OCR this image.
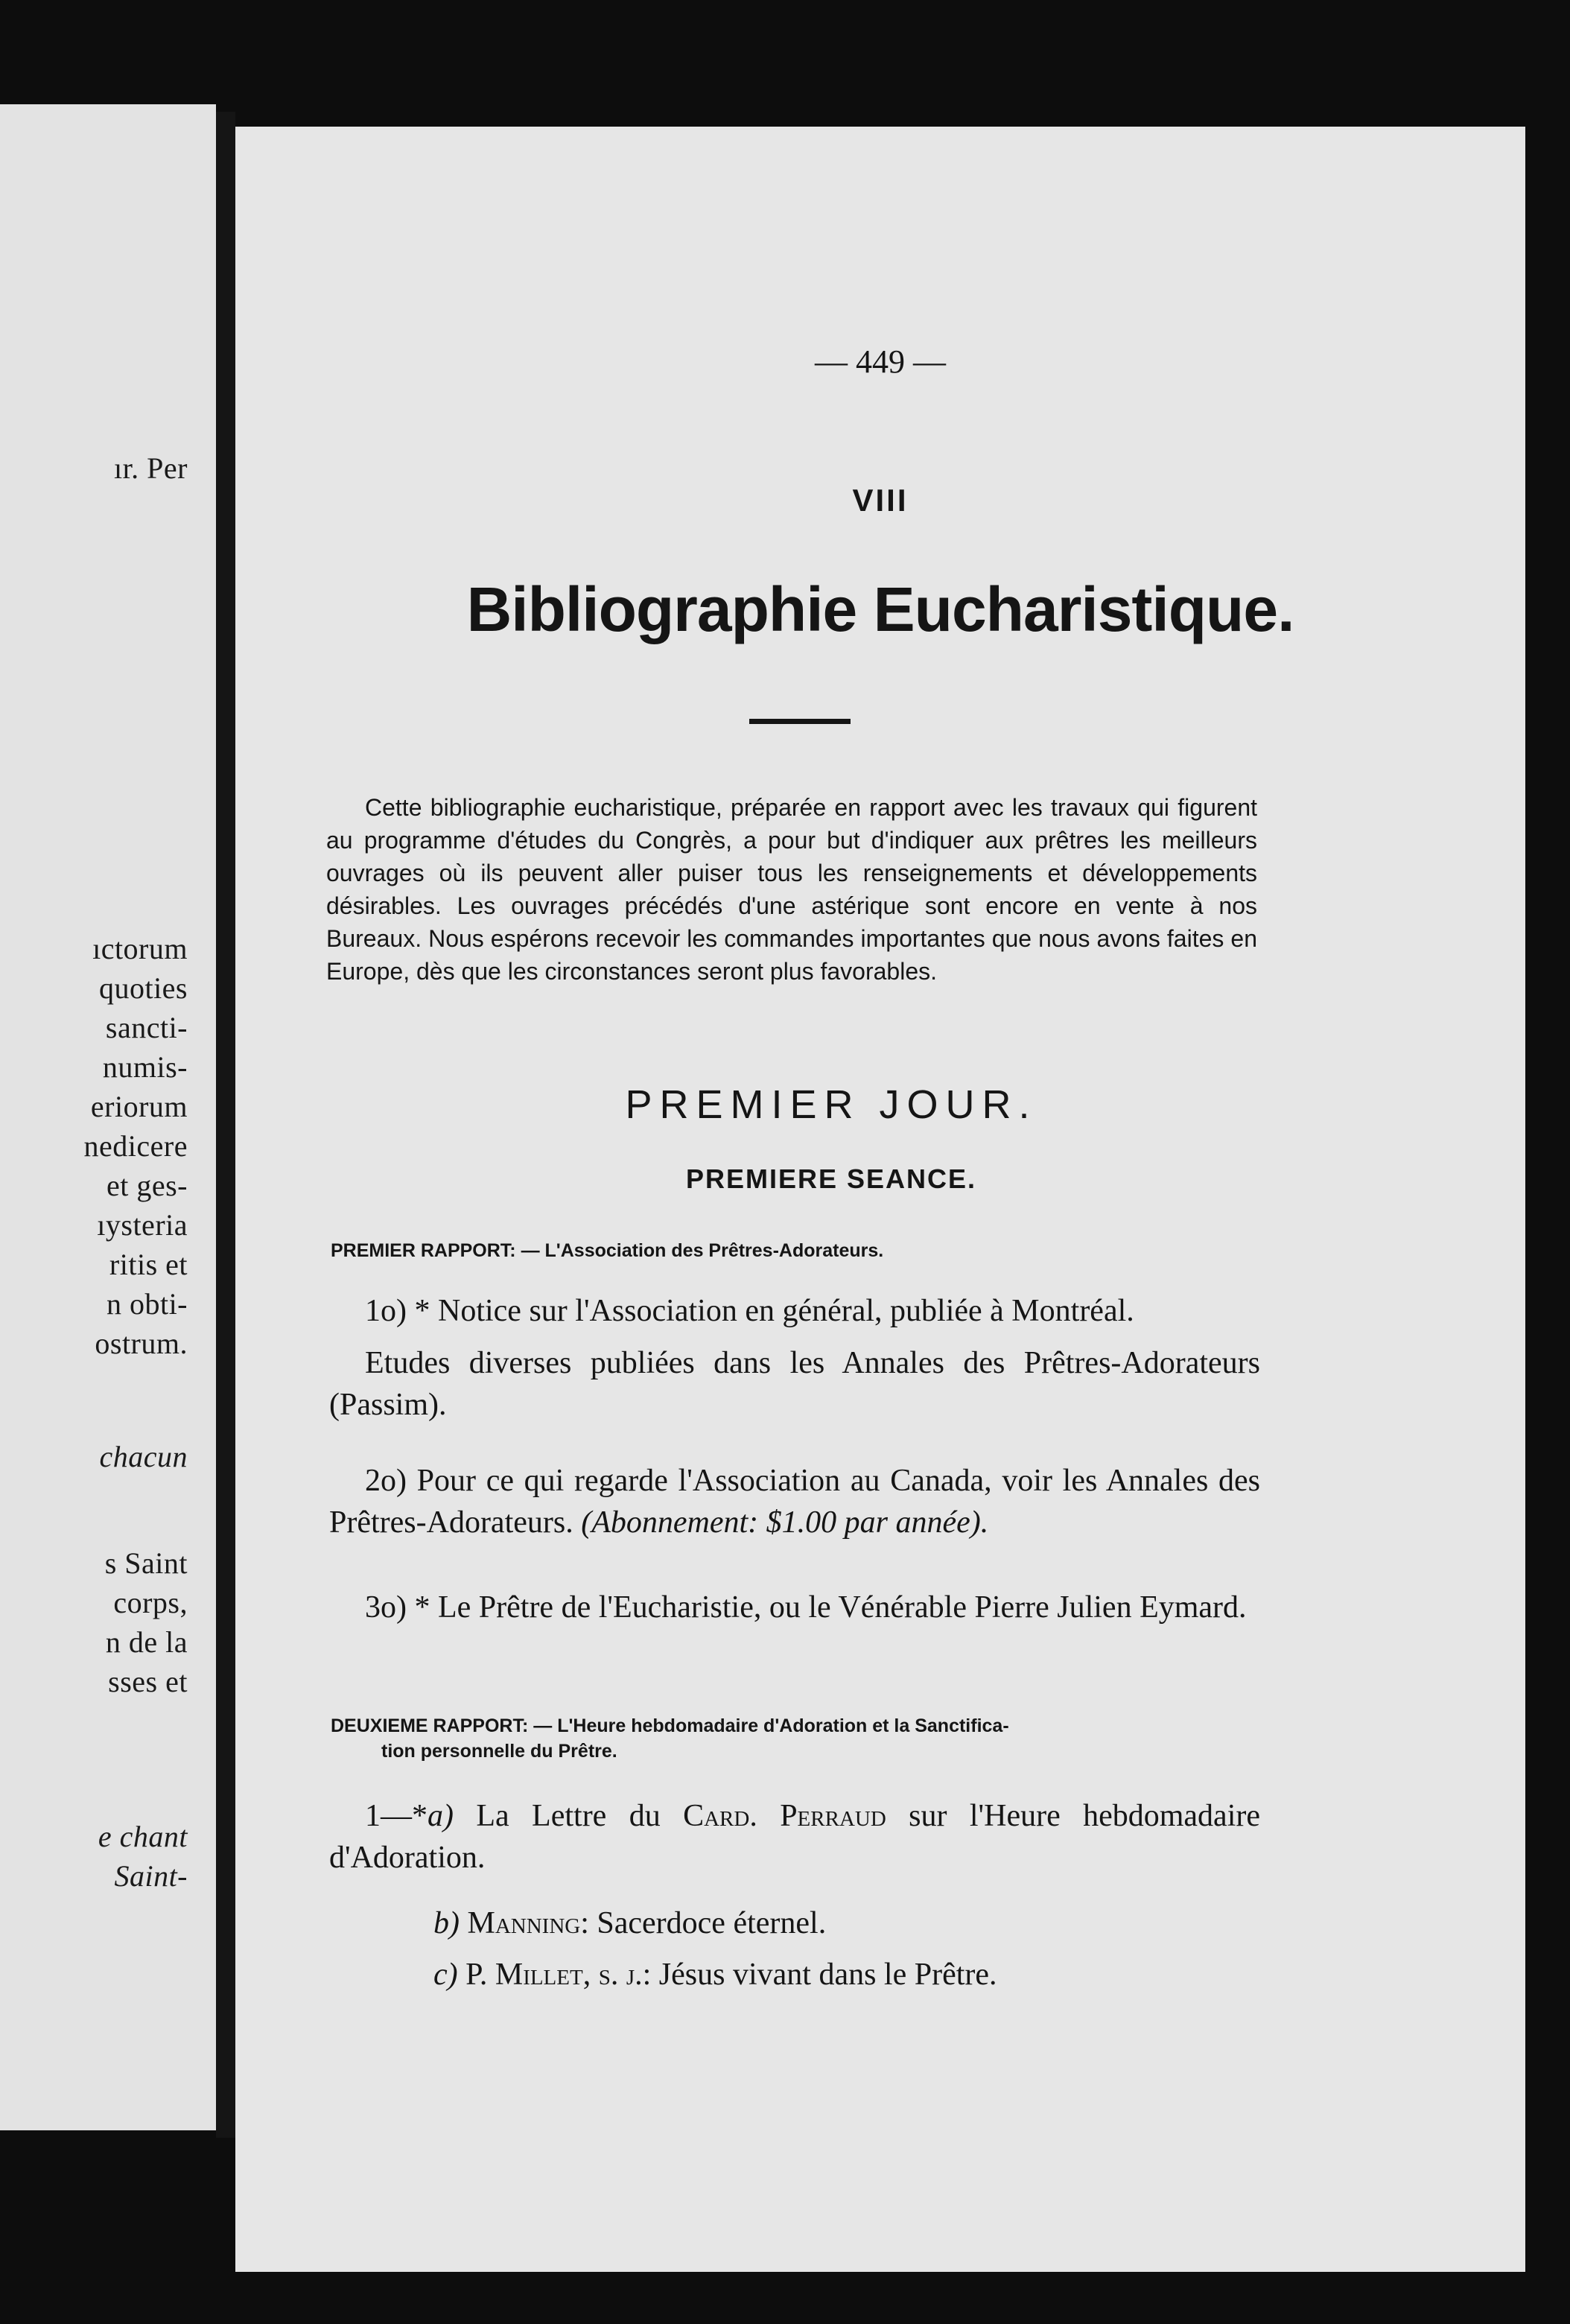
ır. Per

ıctorum

quoties

sancti-

numis-

eriorum

nedicere

et ges-

ıysteria

ritis et

n obti-

ostrum.

chacun

s Saint

corps,

n de la

sses et

e chant

Saint-

— 449 —
VIII
Bibliographie Eucharistique.

Cette bibliographie eucharistique, préparée en rapport avec les travaux qui figurent au programme d'études du Congrès, a pour but d'indiquer aux prêtres les meilleurs ouvrages où ils peuvent aller puiser tous les renseignements et développements désirables. Les ouvrages précédés d'une astérique sont encore en vente à nos Bureaux. Nous espérons recevoir les commandes importantes que nous avons faites en Europe, dès que les circonstances seront plus favorables.

PREMIER JOUR.
PREMIERE SEANCE.

PREMIER RAPPORT: — L'Association des Prêtres-Adorateurs.

1o) * Notice sur l'Association en général, publiée à Montréal.

Etudes diverses publiées dans les Annales des Prêtres-Adorateurs (Passim).

2o) Pour ce qui regarde l'Association au Canada, voir les Annales des Prêtres-Adorateurs. (Abonnement: $1.00 par année).

3o) * Le Prêtre de l'Eucharistie, ou le Vénérable Pierre Julien Eymard.

DEUXIEME RAPPORT: — L'Heure hebdomadaire d'Adoration et la Sanctifica-
tion personnelle du Prêtre.

1—*a) La Lettre du Card. Perraud sur l'Heure hebdomadaire d'Adoration.

b) Manning: Sacerdoce éternel.

c) P. Millet, s. j.: Jésus vivant dans le Prêtre.
